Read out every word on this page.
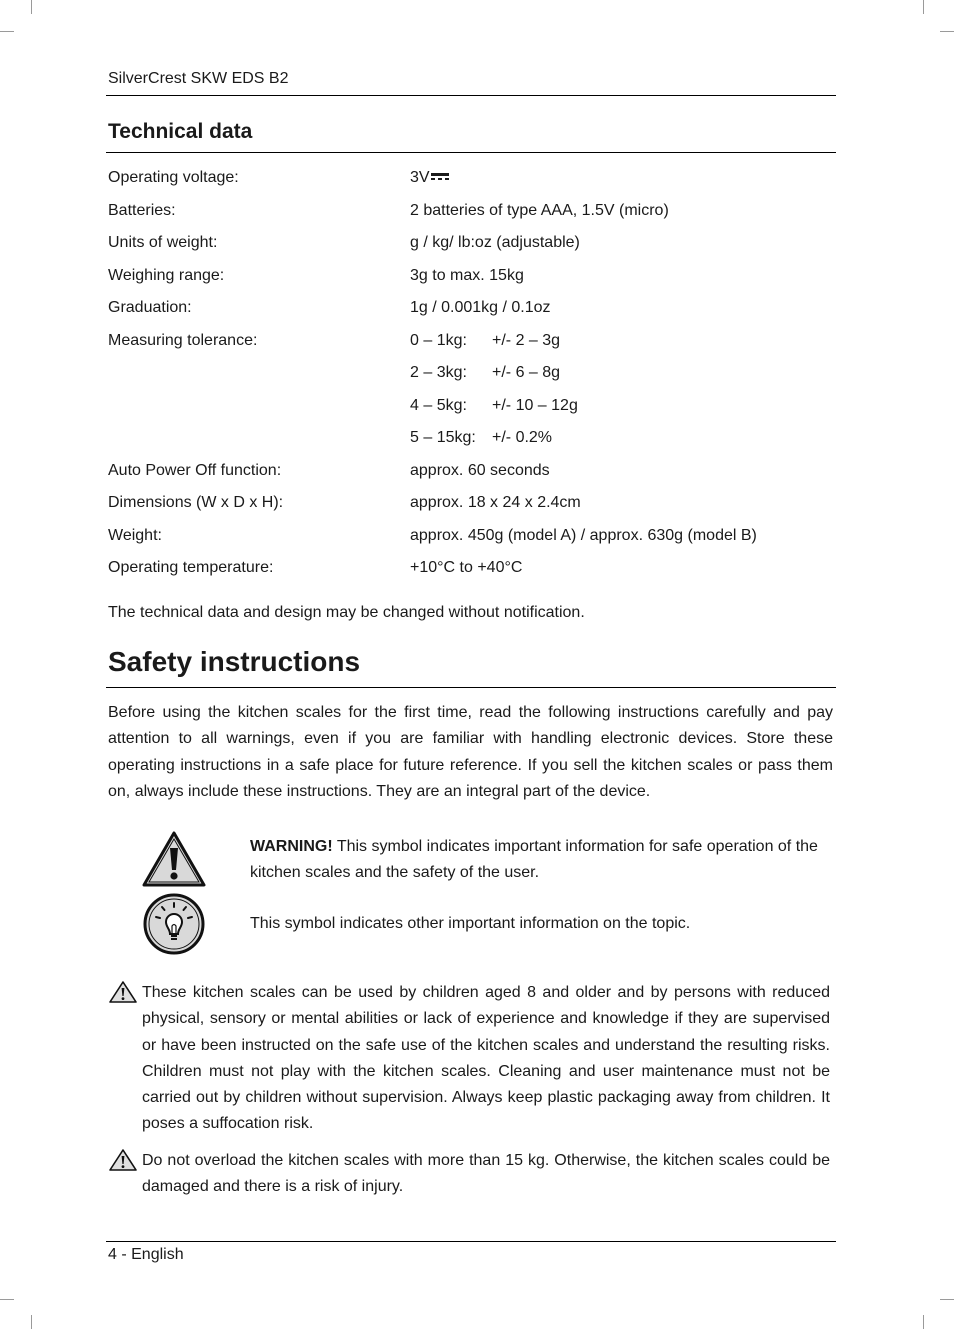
SilverCrest SKW EDS B2
Technical data
Operating voltage:	3V
Batteries:	2 batteries of type AAA, 1.5V (micro)
Units of weight:	g / kg/ lb:oz (adjustable)
Weighing range:	3g to max. 15kg
Graduation:	1g / 0.001kg / 0.1oz
Measuring tolerance:	0 – 1kg: +/- 2 – 3g
2 – 3kg: +/- 6 – 8g
4 – 5kg: +/- 10 – 12g
5 – 15kg: +/- 0.2%
Auto Power Off function:	approx. 60 seconds
Dimensions (W x D x H):	approx. 18 x 24 x 2.4cm
Weight:	approx. 450g (model A) / approx. 630g (model B)
Operating temperature:	+10°C to +40°C
The technical data and design may be changed without notification.
Safety instructions
Before using the kitchen scales for the first time, read the following instructions carefully and pay attention to all warnings, even if you are familiar with handling electronic devices. Store these operating instructions in a safe place for future reference. If you sell the kitchen scales or pass them on, always include these instructions. They are an integral part of the device.
WARNING! This symbol indicates important information for safe operation of the kitchen scales and the safety of the user.
This symbol indicates other important information on the topic.
These kitchen scales can be used by children aged 8 and older and by persons with reduced physical, sensory or mental abilities or lack of experience and knowledge if they are supervised or have been instructed on the safe use of the kitchen scales and understand the resulting risks. Children must not play with the kitchen scales. Cleaning and user maintenance must not be carried out by children without supervision. Always keep plastic packaging away from children. It poses a suffocation risk.
Do not overload the kitchen scales with more than 15 kg. Otherwise, the kitchen scales could be damaged and there is a risk of injury.
4 - English
